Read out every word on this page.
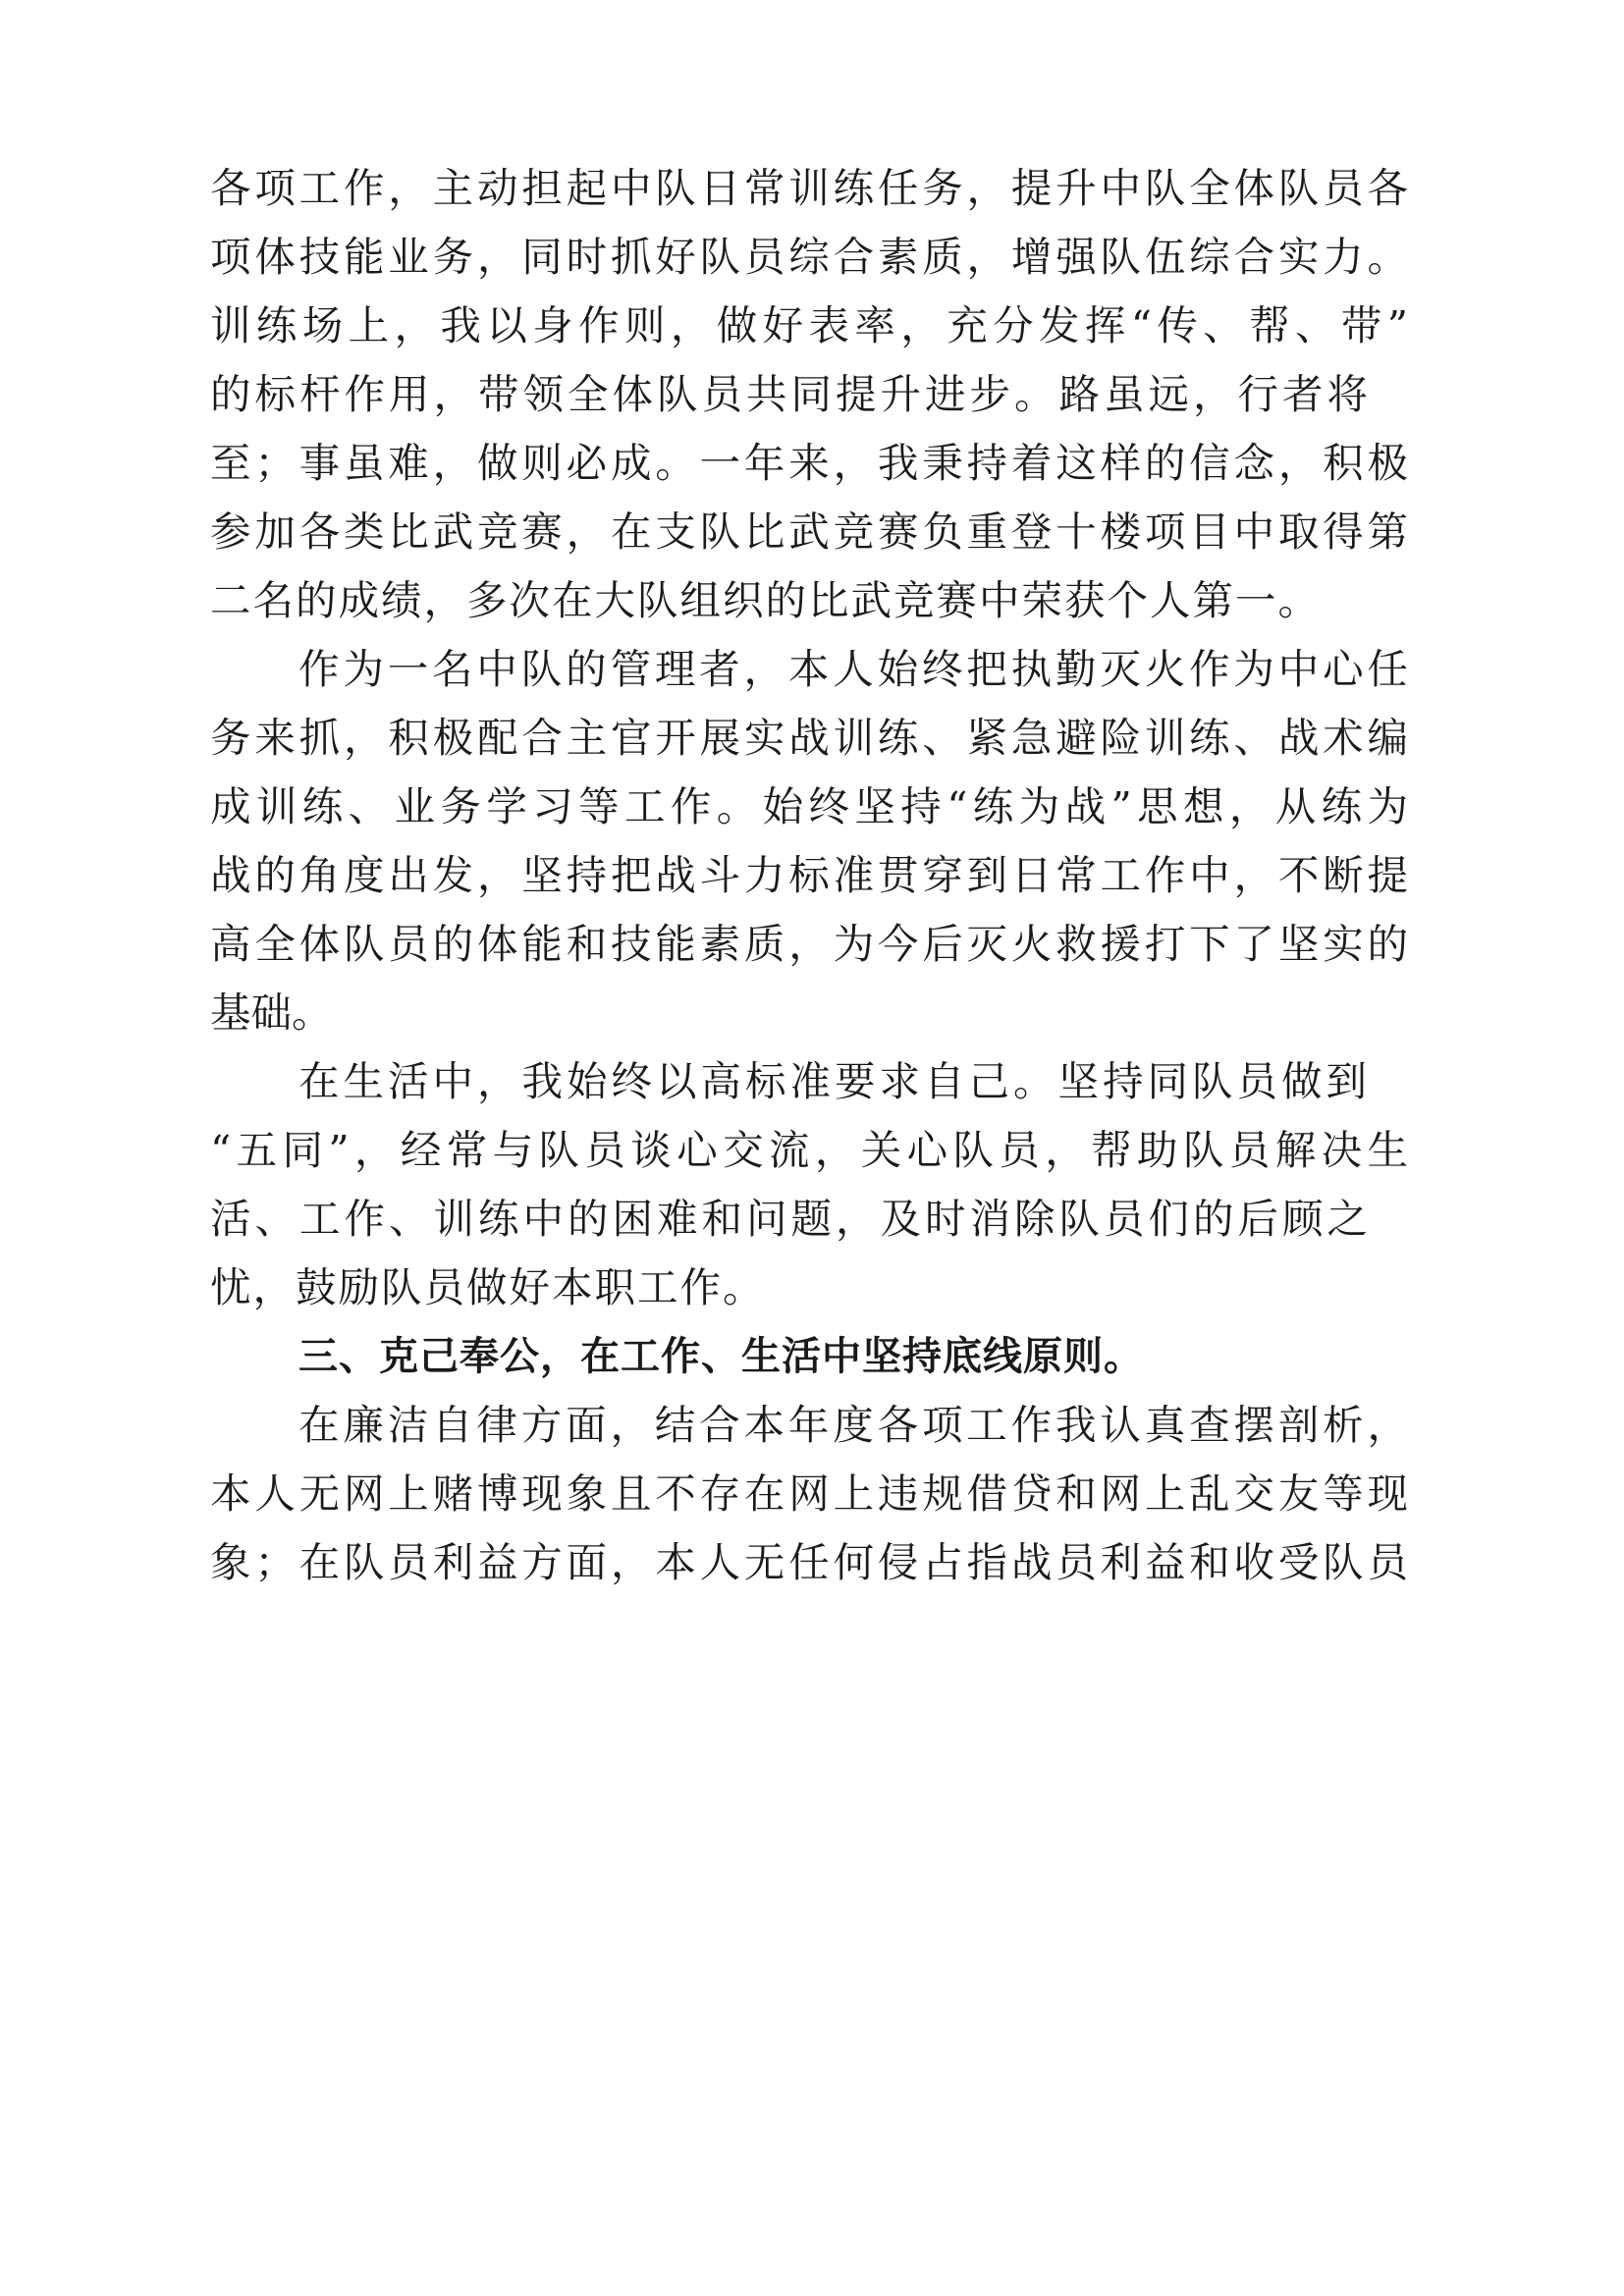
各项工作，主动担起中队日常训练任务，提升中队全体队员各
项体技能业务，同时抓好队员综合素质，增强队伍综合实力。
训练场上，我以身作则，做好表率，充分发挥“传、帮、带”
的标杆作用，带领全体队员共同提升进步。路虽远，行者将
至；事虽难，做则必成。一年来，我秉持着这样的信念，积极
参加各类比武竞赛，在支队比武竞赛负重登十楼项目中取得第
二名的成绩，多次在大队组织的比武竞赛中荣获个人第一。
作为一名中队的管理者，本人始终把执勤灭火作为中心任
务来抓，积极配合主官开展实战训练、紧急避险训练、战术编
成训练、业务学习等工作。始终坚持“练为战”思想，从练为
战的角度出发，坚持把战斗力标准贯穿到日常工作中，不断提
高全体队员的体能和技能素质，为今后灭火救援打下了坚实的
基础。
在生活中，我始终以高标准要求自己。坚持同队员做到
“五同”，经常与队员谈心交流，关心队员，帮助队员解决生
活、工作、训练中的困难和问题，及时消除队员们的后顾之
忧，鼓励队员做好本职工作。
三、克己奉公，在工作、生活中坚持底线原则。
在廉洁自律方面，结合本年度各项工作我认真查摆剖析，
本人无网上赌博现象且不存在网上违规借贷和网上乱交友等现
象；在队员利益方面，本人无任何侵占指战员利益和收受队员
